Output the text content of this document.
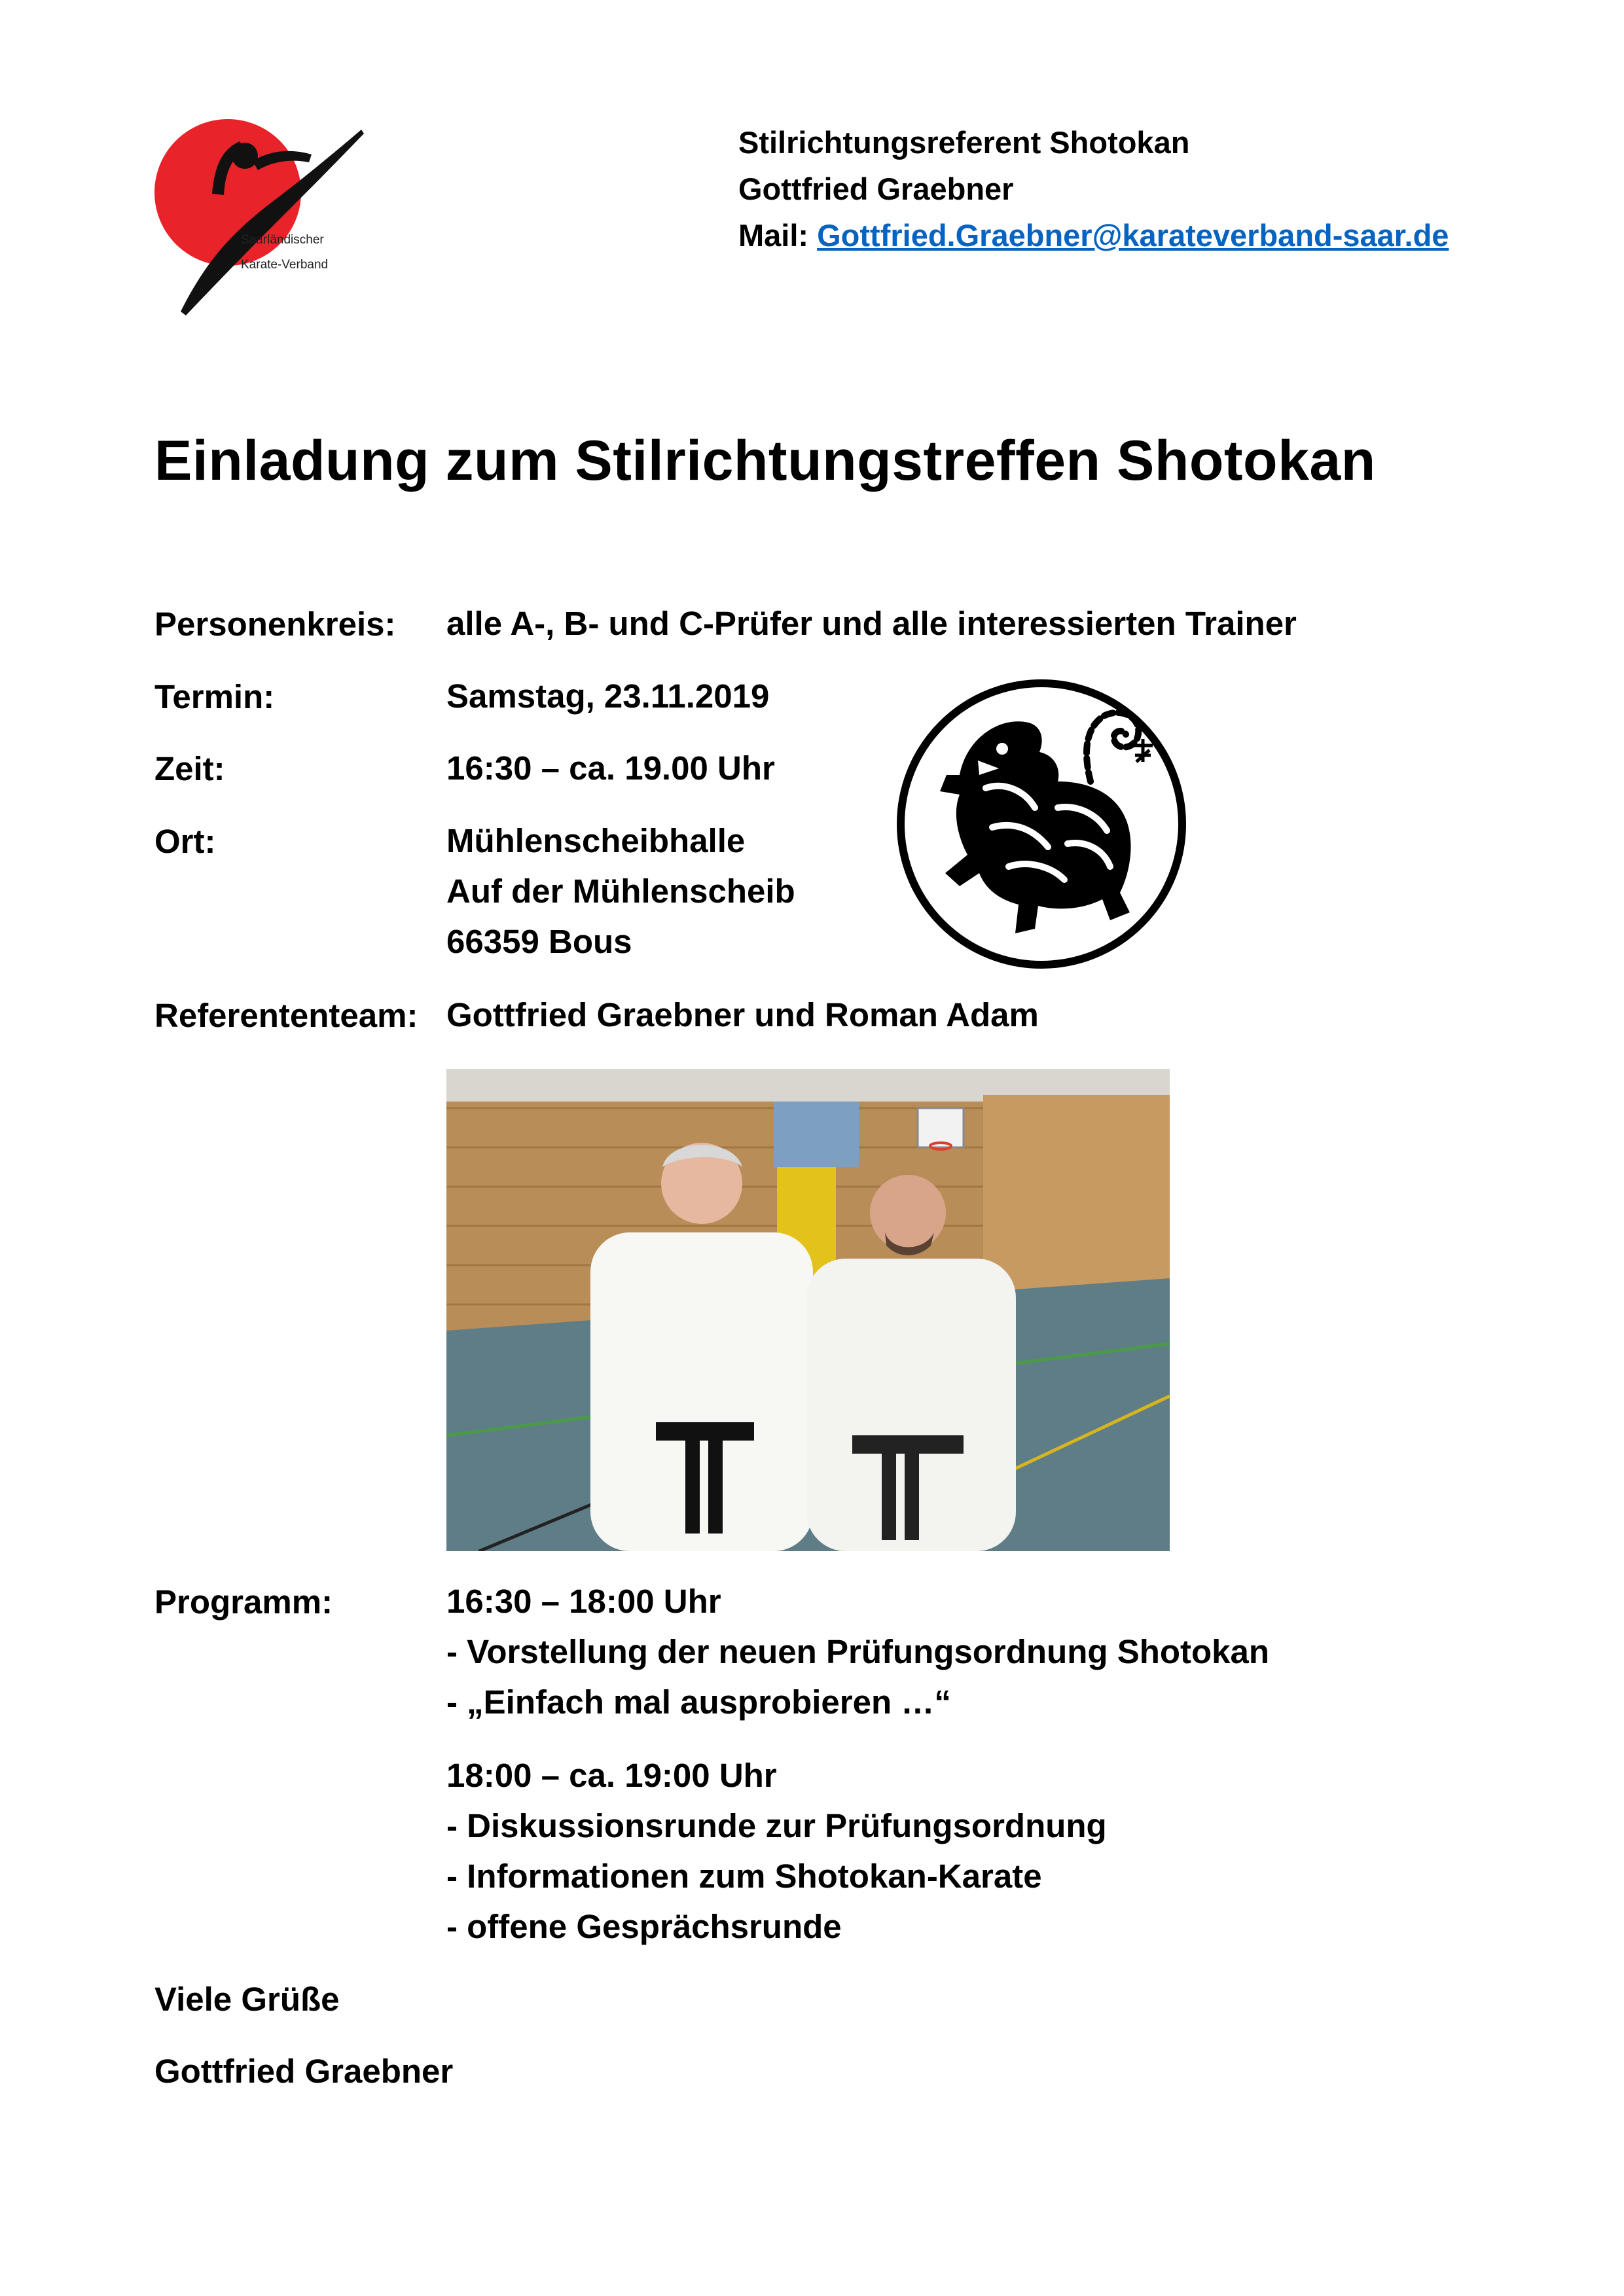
Saarländischer
Karate-Verband
Stilrichtungsreferent Shotokan
Gottfried Graebner
Mail: Gottfried.Graebner@karateverband-saar.de
Einladung zum Stilrichtungstreffen Shotokan
Personenkreis: alle A-, B- und C-Prüfer und alle interessierten Trainer
Termin:	Samstag, 23.11.2019
Zeit:	16:30 – ca. 19.00 Uhr
Ort:	Mühlenscheibhalle
Auf der Mühlenscheib
66359 Bous
Referententeam: Gottfried Graebner und Roman Adam
Programm:	16:30 – 18:00 Uhr
- Vorstellung der neuen Prüfungsordnung Shotokan
- „Einfach mal ausprobieren …“
18:00 – ca. 19:00 Uhr
- Diskussionsrunde zur Prüfungsordnung
- Informationen zum Shotokan-Karate
- offene Gesprächsrunde
Viele Grüße
Gottfried Graebner
